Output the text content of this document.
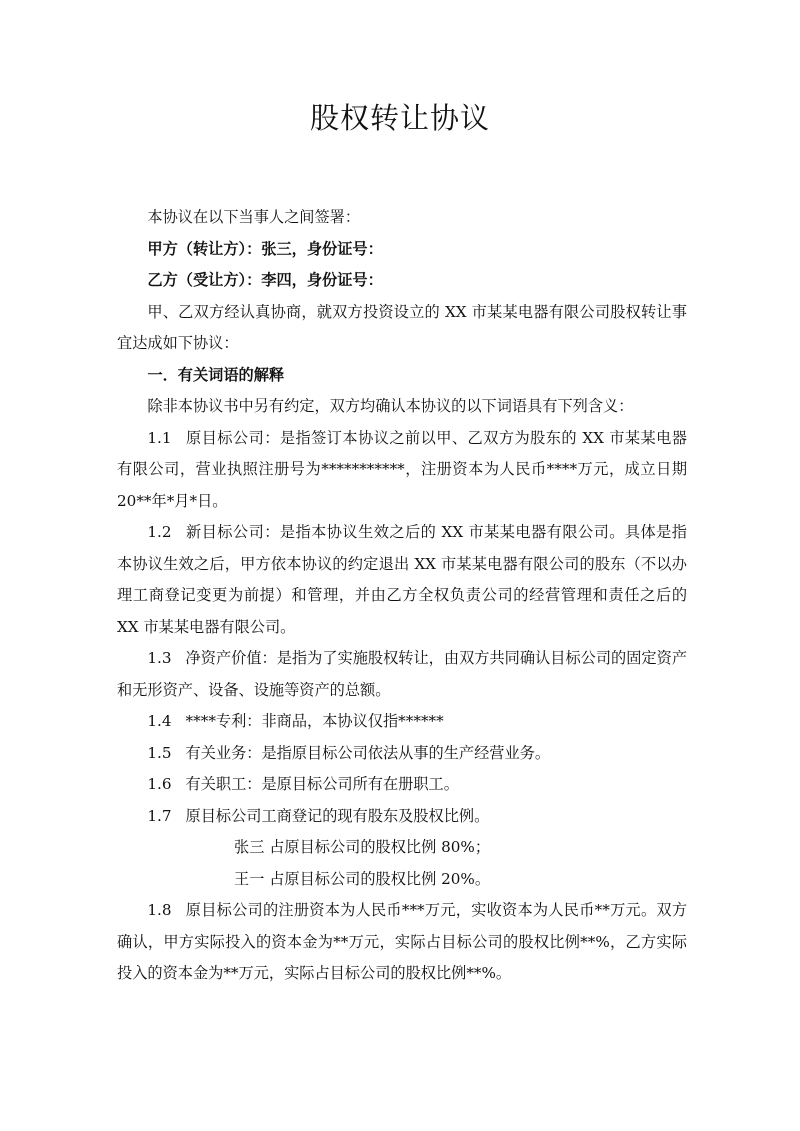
股权转让协议

本协议在以下当事人之间签署：

甲方（转让方）：张三，身份证号：

乙方（受让方）：李四，身份证号：

甲、乙双方经认真协商，就双方投资设立的 XX 市某某电器有限公司股权转让事宜达成如下协议：

一．有关词语的解释

除非本协议书中另有约定，双方均确认本协议的以下词语具有下列含义：

1.1 原目标公司：是指签订本协议之前以甲、乙双方为股东的 XX 市某某电器有限公司，营业执照注册号为***********，注册资本为人民币****万元，成立日期 20**年*月*日。

1.2 新目标公司：是指本协议生效之后的 XX 市某某电器有限公司。具体是指本协议生效之后，甲方依本协议的约定退出 XX 市某某电器有限公司的股东（不以办理工商登记变更为前提）和管理，并由乙方全权负责公司的经营管理和责任之后的 XX 市某某电器有限公司。

1.3 净资产价值：是指为了实施股权转让，由双方共同确认目标公司的固定资产和无形资产、设备、设施等资产的总额。

1.4 ****专利：非商品，本协议仅指******

1.5 有关业务：是指原目标公司依法从事的生产经营业务。

1.6 有关职工：是原目标公司所有在册职工。

1.7 原目标公司工商登记的现有股东及股权比例。

张三 占原目标公司的股权比例 80%；

王一 占原目标公司的股权比例 20%。

1.8 原目标公司的注册资本为人民币***万元，实收资本为人民币**万元。双方确认，甲方实际投入的资本金为**万元，实际占目标公司的股权比例**%，乙方实际投入的资本金为**万元，实际占目标公司的股权比例**%。
